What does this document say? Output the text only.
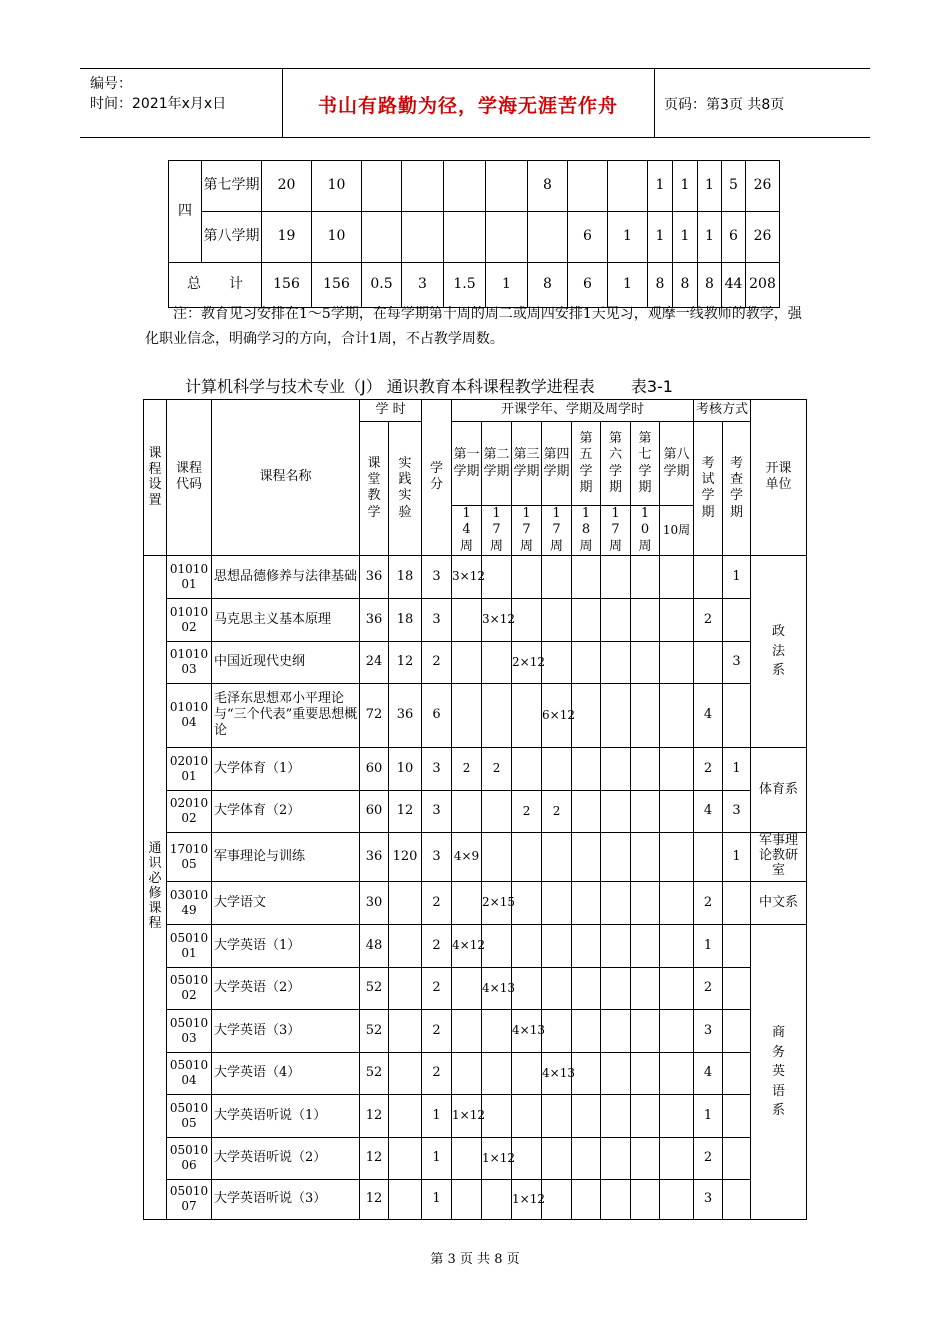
编号：
时间：2021年x月x日	书山有路勤为径，学海无涯苦作舟	页码：第3页 共8页
四	第七学期	20	10					8			1	1	1	5	26
	第八学期	19	10						6	1	1	1	1	6	26
总　　计		156	156	0.5	3	1.5	1	8	6	1	8	8	8	44	208
注：教育见习安排在1～5学期，在每学期第十周的周二或周四安排1天见习，观摩一线教师的教学，强化职业信念，明确学习的方向，合计1周，不占教学周数。
计算机科学与技术专业（J） 通识教育本科课程教学进程表 表3-1
课程设置	课程代码	课程名称	学 时		学分	开课学年、学期及周学时								考核方式		开课单位
			课堂教学	实践实验		第一学期	第二学期	第三学期	第四学期	第五学期	第六学期	第七学期	第八学期	考试学期	考查学期	
						14周	17周	17周	17周	18周	17周	10周	10周			
通识必修课程	0101001	思想品德修养与法律基础	36	18	3	3×12									1	政法系
	0101002	马克思主义基本原理	36	18	3		3×12							2		
	0101003	中国近现代史纲	24	12	2			2×12							3	
	0101004	毛泽东思想邓小平理论与“三个代表”重要思想概论	72	36	6				6×12					4		
	0201001	大学体育（1）	60	10	3	2	2							2	1	体育系
	0201002	大学体育（2）	60	12	3			2	2					4	3	
	1701005	军事理论与训练	36	120	3	4×9									1	军事理论教研室
	0301049	大学语文	30		2		2×15							2		中文系
	0501001	大学英语（1）	48		2	4×12								1		商务英语系
	0501002	大学英语（2）	52		2		4×13							2		
	0501003	大学英语（3）	52		2			4×13						3		
	0501004	大学英语（4）	52		2				4×13					4		
	0501005	大学英语听说（1）	12		1	1×12								1		
	0501006	大学英语听说（2）	12		1		1×12							2		
	0501007	大学英语听说（3）	12		1			1×12						3		
第 3 页 共 8 页
